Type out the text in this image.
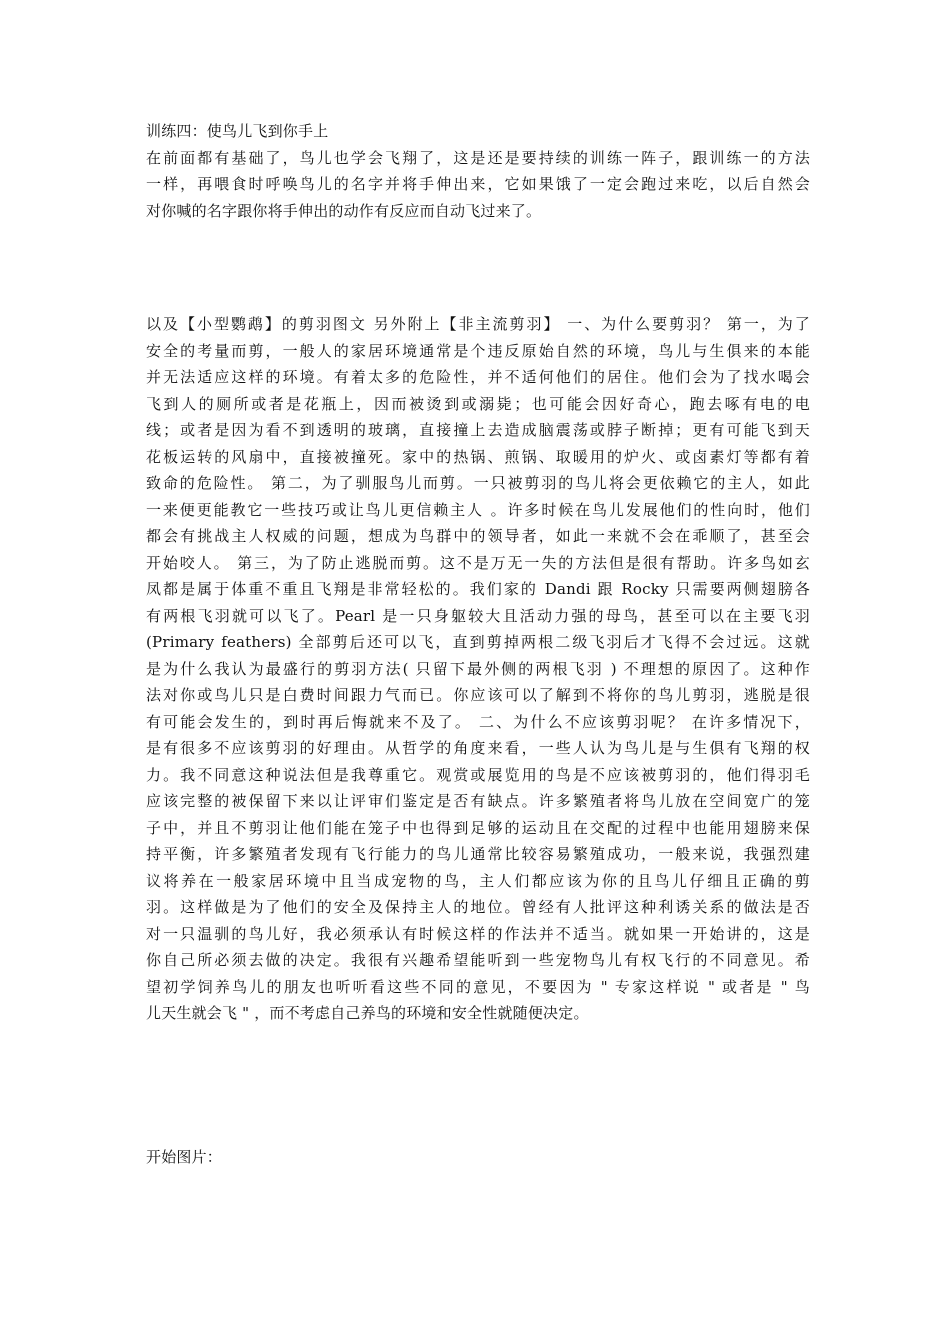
训练四：使鸟儿飞到你手上
在前面都有基础了，鸟儿也学会飞翔了，这是还是要持续的训练一阵子，跟训练一的方法
一样，再喂食时呼唤鸟儿的名字并将手伸出来，它如果饿了一定会跑过来吃，以后自然会
对你喊的名字跟你将手伸出的动作有反应而自动飞过来了。
以及【小型鹦鹉】的剪羽图文 另外附上【非主流剪羽】 一、为什么要剪羽？ 第一，为了
安全的考量而剪，一般人的家居环境通常是个违反原始自然的环境，鸟儿与生俱来的本能
并无法适应这样的环境。有着太多的危险性，并不适何他们的居住。他们会为了找水喝会
飞到人的厕所或者是花瓶上，因而被烫到或溺毙；也可能会因好奇心，跑去啄有电的电
线；或者是因为看不到透明的玻璃，直接撞上去造成脑震荡或脖子断掉；更有可能飞到天
花板运转的风扇中，直接被撞死。家中的热锅、煎锅、取暖用的炉火、或卤素灯等都有着
致命的危险性。 第二，为了驯服鸟儿而剪。一只被剪羽的鸟儿将会更依赖它的主人，如此
一来便更能教它一些技巧或让鸟儿更信赖主人 。许多时候在鸟儿发展他们的性向时，他们
都会有挑战主人权威的问题，想成为鸟群中的领导者，如此一来就不会在乖顺了，甚至会
开始咬人。 第三，为了防止逃脱而剪。这不是万无一失的方法但是很有帮助。许多鸟如玄
凤都是属于体重不重且飞翔是非常轻松的。我们家的 Dandi 跟 Rocky 只需要两侧翅膀各
有两根飞羽就可以飞了。Pearl 是一只身躯较大且活动力强的母鸟，甚至可以在主要飞羽
(Primary feathers) 全部剪后还可以飞，直到剪掉两根二级飞羽后才飞得不会过远。这就
是为什么我认为最盛行的剪羽方法( 只留下最外侧的两根飞羽 ) 不理想的原因了。这种作
法对你或鸟儿只是白费时间跟力气而已。你应该可以了解到不将你的鸟儿剪羽，逃脱是很
有可能会发生的，到时再后悔就来不及了。 二、为什么不应该剪羽呢？ 在许多情况下，
是有很多不应该剪羽的好理由。从哲学的角度来看，一些人认为鸟儿是与生俱有飞翔的权
力。我不同意这种说法但是我尊重它。观赏或展览用的鸟是不应该被剪羽的，他们得羽毛
应该完整的被保留下来以让评审们鉴定是否有缺点。许多繁殖者将鸟儿放在空间宽广的笼
子中，并且不剪羽让他们能在笼子中也得到足够的运动且在交配的过程中也能用翅膀来保
持平衡，许多繁殖者发现有飞行能力的鸟儿通常比较容易繁殖成功，一般来说，我强烈建
议将养在一般家居环境中且当成宠物的鸟，主人们都应该为你的且鸟儿仔细且正确的剪
羽。这样做是为了他们的安全及保持主人的地位。曾经有人批评这种利诱关系的做法是否
对一只温驯的鸟儿好，我必须承认有时候这样的作法并不适当。就如果一开始讲的，这是
你自己所必须去做的决定。我很有兴趣希望能听到一些宠物鸟儿有权飞行的不同意见。希
望初学饲养鸟儿的朋友也听听看这些不同的意见，不要因为 " 专家这样说 " 或者是 " 鸟
儿天生就会飞 " ，而不考虑自己养鸟的环境和安全性就随便决定。
开始图片：
